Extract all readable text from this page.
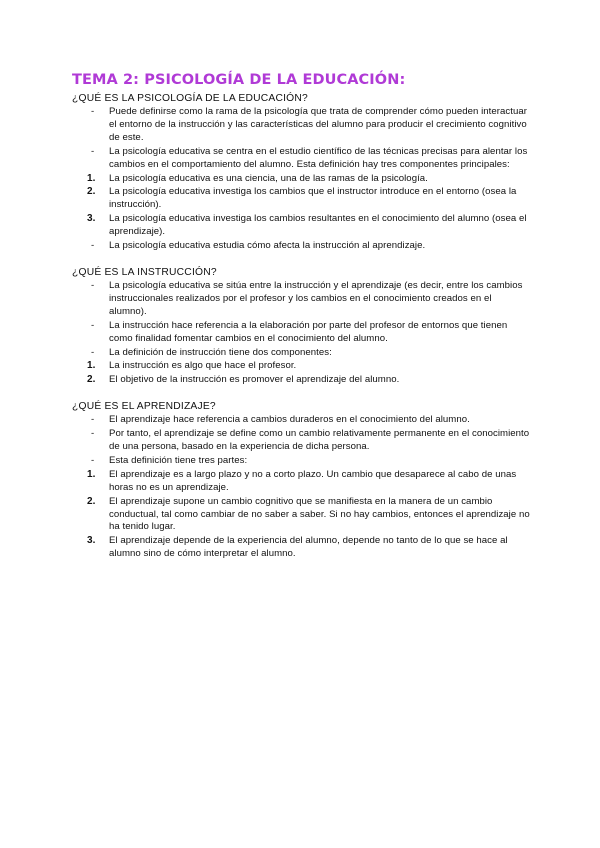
TEMA 2: PSICOLOGÍA DE LA EDUCACIÓN:
¿QUÉ ES LA PSICOLOGÍA DE LA EDUCACIÓN?
-	Puede definirse como la rama de la psicología que trata de comprender cómo pueden interactuar el entorno de la instrucción y las características del alumno para producir el crecimiento cognitivo de este.
-	La psicología educativa se centra en el estudio científico de las técnicas precisas para alentar los cambios en el comportamiento del alumno. Esta definición hay tres componentes principales:
1.	La psicología educativa es una ciencia, una de las ramas de la psicología.
2.	La psicología educativa investiga los cambios que el instructor introduce en el entorno (osea la instrucción).
3.	La psicología educativa investiga los cambios resultantes en el conocimiento del alumno (osea el aprendizaje).
-	La psicología educativa estudia cómo afecta la instrucción al aprendizaje.
¿QUÉ ES LA INSTRUCCIÓN?
-	La psicología educativa se sitúa entre la instrucción y el aprendizaje (es decir, entre los cambios instruccionales realizados por el profesor y los cambios en el conocimiento creados en el alumno).
-	La instrucción hace referencia a la elaboración por parte del profesor de entornos que tienen como finalidad fomentar cambios en el conocimiento del alumno.
-	La definición de instrucción tiene dos componentes:
1.	La instrucción es algo que hace el profesor.
2.	El objetivo de la instrucción es promover el aprendizaje del alumno.
¿QUÉ ES EL APRENDIZAJE?
-	El aprendizaje hace referencia a cambios duraderos en el conocimiento del alumno.
-	Por tanto, el aprendizaje se define como un cambio relativamente permanente en el conocimiento de una persona, basado en la experiencia de dicha persona.
-	Esta definición tiene tres partes:
1.	El aprendizaje es a largo plazo y no a corto plazo. Un cambio que desaparece al cabo de unas horas no es un aprendizaje.
2.	El aprendizaje supone un cambio cognitivo que se manifiesta en la manera de un cambio conductual, tal como cambiar de no saber a saber. Si no hay cambios, entonces el aprendizaje no ha tenido lugar.
3.	El aprendizaje depende de la experiencia del alumno, depende no tanto de lo que se hace al alumno sino de cómo interpretar el alumno.
